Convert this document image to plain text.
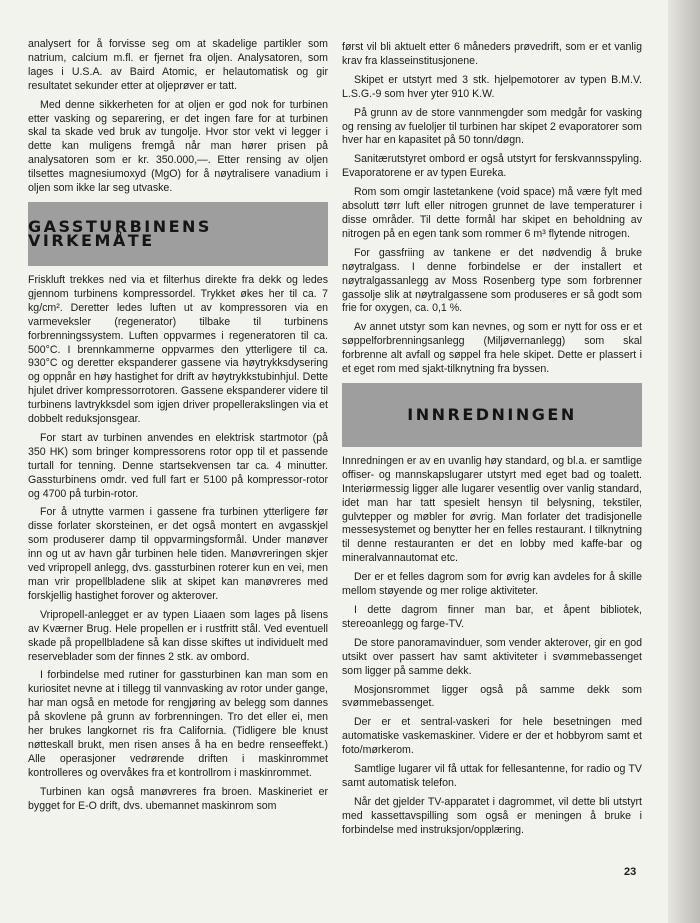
analysert for å forvisse seg om at skadelige partikler som natrium, calcium m.fl. er fjernet fra oljen. Analysatoren, som lages i U.S.A. av Baird Atomic, er helautomatisk og gir resultatet sekunder etter at oljeprøver er tatt.

Med denne sikkerheten for at oljen er god nok for turbinen etter vasking og separering, er det ingen fare for at turbinen skal ta skade ved bruk av tungolje. Hvor stor vekt vi legger i dette kan muligens fremgå når man hører prisen på analysatoren som er kr. 350.000,—. Etter rensing av oljen tilsettes magnesiumoxyd (MgO) for å nøytralisere vanadium i oljen som ikke lar seg utvaske.

GASSTURBINENS VIRKEMÅTE

Friskluft trekkes ned via et filterhus direkte fra dekk og ledes gjennom turbinens kompressordel. Trykket økes her til ca. 7 kg/cm². Deretter ledes luften ut av kompressoren via en varmeveksler (regenerator) tilbake til turbinens forbrenningssystem. Luften oppvarmes i regeneratoren til ca. 500°C. I brennkammerne oppvarmes den ytterligere til ca. 930°C og deretter ekspanderer gassene via høytrykksdysering og oppnår en høy hastighet for drift av høytrykkstubinhjul. Dette hjulet driver kompressorrotoren. Gassene ekspanderer videre til turbinens lavtrykksdel som igjen driver propellerakslingen via et dobbelt reduksjonsgear.

For start av turbinen anvendes en elektrisk startmotor (på 350 HK) som bringer kompressorens rotor opp til et passende turtall for tenning. Denne startsekvensen tar ca. 4 minutter. Gassturbinens omdr. ved full fart er 5100 på kompressor-rotor og 4700 på turbin-rotor.

For å utnytte varmen i gassene fra turbinen ytterligere før disse forlater skorsteinen, er det også montert en avgasskjel som produserer damp til oppvarmingsformål. Under manøver inn og ut av havn går turbinen hele tiden. Manøvreringen skjer ved vripropell anlegg, dvs. gassturbinen roterer kun en vei, men man vrir propellbladene slik at skipet kan manøvreres med forskjellig hastighet forover og akterover.

Vripropell-anlegget er av typen Liaaen som lages på lisens av Kværner Brug. Hele propellen er i rustfritt stål. Ved eventuell skade på propellbladene så kan disse skiftes ut individuelt med reserveblader som der finnes 2 stk. av ombord.

I forbindelse med rutiner for gassturbinen kan man som en kuriositet nevne at i tillegg til vannvasking av rotor under gange, har man også en metode for rengjøring av belegg som dannes på skovlene på grunn av forbrenningen. Tro det eller ei, men her brukes langkornet ris fra California. (Tidligere ble knust nøtteskall brukt, men risen anses å ha en bedre renseeffekt.) Alle operasjoner vedrørende driften i maskinrommet kontrolleres og overvåkes fra et kontrollrom i maskinrommet.

Turbinen kan også manøvreres fra broen. Maskineriet er bygget for E-O drift, dvs. ubemannet maskinrom som

først vil bli aktuelt etter 6 måneders prøvedrift, som er et vanlig krav fra klasseinstitusjonene.

Skipet er utstyrt med 3 stk. hjelpemotorer av typen B.M.V. L.S.G.-9 som hver yter 910 K.W.

På grunn av de store vannmengder som medgår for vasking og rensing av fueloljer til turbinen har skipet 2 evaporatorer som hver har en kapasitet på 50 tonn/døgn.

Sanitærutstyret ombord er også utstyrt for ferskvannsspyling. Evaporatorene er av typen Eureka.

Rom som omgir lastetankene (void space) må være fylt med absolutt tørr luft eller nitrogen grunnet de lave temperaturer i disse områder. Til dette formål har skipet en beholdning av nitrogen på en egen tank som rommer 6 m³ flytende nitrogen.

For gassfriing av tankene er det nødvendig å bruke nøytralgass. I denne forbindelse er der installert et nøytralgassanlegg av Moss Rosenberg type som forbrenner gassolje slik at nøytralgassene som produseres er så godt som frie for oxygen, ca. 0,1 %.

Av annet utstyr som kan nevnes, og som er nytt for oss er et søppelforbrenningsanlegg (Miljøvernanlegg) som skal forbrenne alt avfall og søppel fra hele skipet. Dette er plassert i et eget rom med sjakt-tilknytning fra byssen.

INNREDNINGEN

Innredningen er av en uvanlig høy standard, og bl.a. er samtlige offiser- og mannskapslugarer utstyrt med eget bad og toalett. Interiørmessig ligger alle lugarer vesentlig over vanlig standard, idet man har tatt spesielt hensyn til belysning, tekstiler, gulvtepper og møbler for øvrig. Man forlater det tradisjonelle messesystemet og benytter her en felles restaurant. I tilknytning til denne restauranten er det en lobby med kaffe-bar og mineralvannautomat etc.

Der er et felles dagrom som for øvrig kan avdeles for å skille mellom støyende og mer rolige aktiviteter.

I dette dagrom finner man bar, et åpent bibliotek, stereoanlegg og farge-TV.

De store panoramavinduer, som vender akterover, gir en god utsikt over passert hav samt aktiviteter i svømmebassenget som ligger på samme dekk.

Mosjonsrommet ligger også på samme dekk som svømmebassenget.

Der er et sentral-vaskeri for hele besetningen med automatiske vaskemaskiner. Videre er der et hobbyrom samt et foto/mørkerom.

Samtlige lugarer vil få uttak for fellesantenne, for radio og TV samt automatisk telefon.

Når det gjelder TV-apparatet i dagrommet, vil dette bli utstyrt med kassettavspilling som også er meningen å bruke i forbindelse med instruksjon/opplæring.

23
